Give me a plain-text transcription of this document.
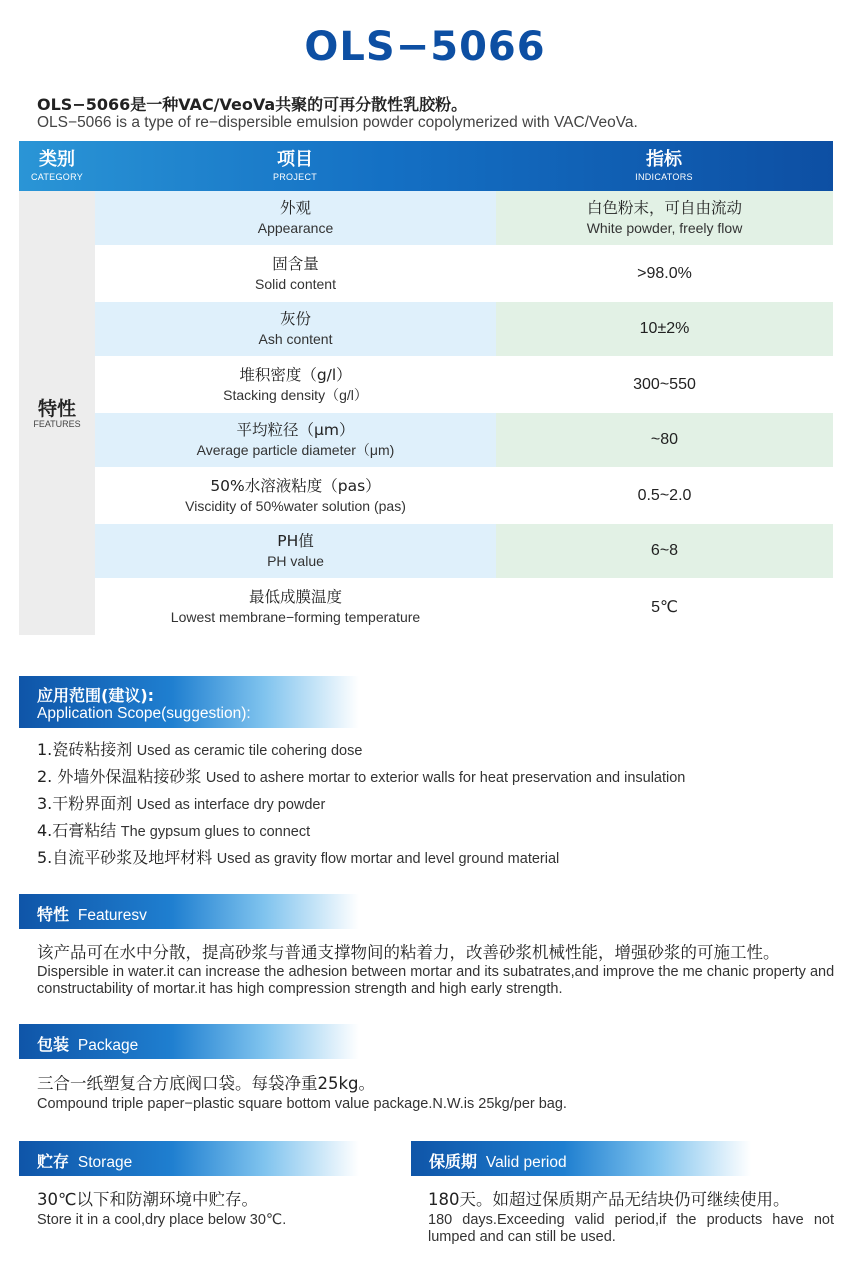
OLS−5066
OLS−5066是一种VAC/VeoVa共聚的可再分散性乳胶粉。
OLS−5066 is a type of re−dispersible emulsion powder copolymerized with VAC/VeoVa.
类别
CATEGORY
项目
PROJECT
指标
INDICATORS
特性
FEATURES
外观
Appearance
白色粉末，可自由流动
White powder, freely flow
固含量
Solid content
>98.0%
灰份
Ash content
10±2%
堆积密度（g/l）
Stacking density（g/l）
300~550
平均粒径（μm）
Average particle diameter（μm)
~80
50%水溶液粘度（pas）
Viscidity of 50%water solution (pas)
0.5~2.0
PH值
PH value
6~8
最低成膜温度
Lowest membrane−forming temperature
5℃
应用范围(建议):
Application Scope(suggestion):
1.瓷砖粘接剂 Used as ceramic tile cohering dose
2. 外墙外保温粘接砂浆 Used to ashere mortar to exterior walls for heat preservation and insulation
3.干粉界面剂 Used as interface dry powder
4.石膏粘结 The gypsum glues to connect
5.自流平砂浆及地坪材料 Used as gravity flow mortar and level ground material
特性 Featuresv
该产品可在水中分散，提高砂浆与普通支撑物间的粘着力，改善砂浆机械性能，增强砂浆的可施工性。
Dispersible in water.it can increase the adhesion between mortar and its subatrates,and improve the me chanic property and constructability of mortar.it has high compression strength and high early strength.
包装 Package
三合一纸塑复合方底阀口袋。每袋净重25kg。
Compound triple paper−plastic square bottom value package.N.W.is 25kg/per bag.
贮存 Storage
30℃以下和防潮环境中贮存。
Store it in a cool,dry place below 30℃.
保质期 Valid period
180天。如超过保质期产品无结块仍可继续使用。
180 days.Exceeding valid period,if the products have not lumped and can still be used.
